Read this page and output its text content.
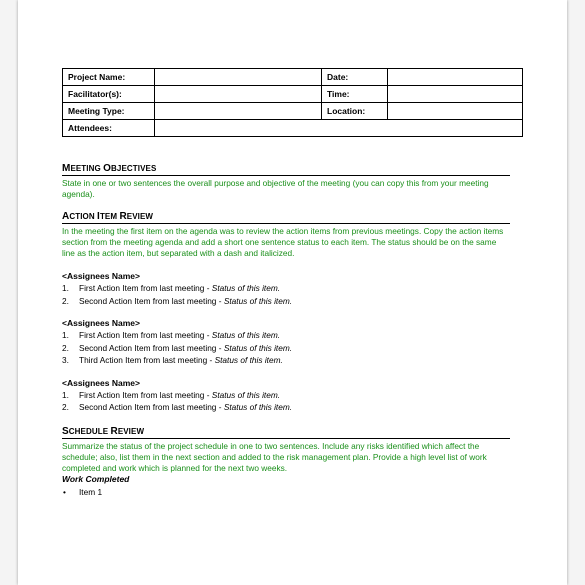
Project Name:		Date:	
Facilitator(s):		Time:	
Meeting Type:		Location:	
Attendees:			
MEETING OBJECTIVES
State in one or two sentences the overall purpose and objective of the meeting (you can copy this from your meeting agenda).
ACTION ITEM REVIEW
In the meeting the first item on the agenda was to review the action items from previous meetings. Copy the action items section from the meeting agenda and add a short one sentence status to each item. The status should be on the same line as the action item, but separated with a dash and italicized.
<Assignees Name>
1. First Action Item from last meeting - Status of this item.
2. Second Action Item from last meeting - Status of this item.
<Assignees Name>
1. First Action Item from last meeting - Status of this item.
2. Second Action Item from last meeting - Status of this item.
3. Third Action Item from last meeting - Status of this item.
<Assignees Name>
1. First Action Item from last meeting - Status of this item.
2. Second Action Item from last meeting - Status of this item.
SCHEDULE REVIEW
Summarize the status of the project schedule in one to two sentences. Include any risks identified which affect the schedule; also, list them in the next section and added to the risk management plan. Provide a high level list of work completed and work which is planned for the next two weeks.
Work Completed
• Item 1
